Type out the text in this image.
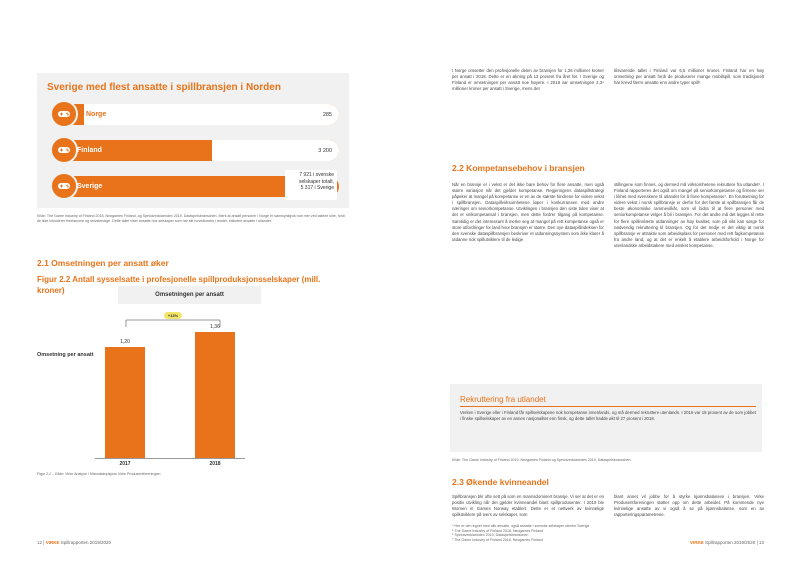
Sverige med flest ansatte i spillbransjen i Norden
Norge	285
Finland	3 200
Sverige
7 921 i svenske
selskaper totalt,
5 317 i Sverige
Kilde: The Game Industry of Finland 2018, Neogames Finland, og Spelutvecklarindex 2019, Dataspelsbranschen. Merk at ansatt personer i Norge er sannsynligvis noe mer ved tallene sine, fordi de ikke inkluderer freelancere og selvstendige. Dette tallet viser ansatte hos selskaper som har sitt hovedkontor i landet, inkludert ansatte i utlandet.
2.1 Omsetningen per ansatt øker
Figur 2.2 Antall sysselsatte i profesjonelle spillproduksjonsselskaper (mill. kroner)
Omsetningen per ansatt
+13%
Omsetning per ansatt
1,20
2017
1,36
2018
Figur 2.2 – Kilde: Virke Analyse / Manodskripsjons Virke Produsentforeningen.
12 | VIRKE Spillrapporten 2019/2020
I Norge omsetter den profesjonelle delen av bransjen for 1,36 millioner kroner per ansatt i 2018. Dette er en økning på 13 prosent fra året før. I Sverige og Finland er omsetningen per ansatt noe høyere. I 2018 var omsetningen 2,3⁴ millioner kroner per ansatt i Sverige, mens det
tilsvarende tallet i Finland var 6,5 millioner kroner. Finland har en høy omsetning per ansatt fordi de produserer mange mobilspill, som tradisjonelt har krevd færre ansatte enn andre typer spill⁵.
2.2 Kompetansebehov i bransjen
Når en bransje er i vekst er det ikke bare behov for flere ansatte, men også større variasjon når det gjelder kompetanse. Regjeringens dataspillstrategi påpeker at mangel på kompetanse er en av de største hindrene for videre vekst i spillbransjen. Dataspillvirksomhetene løper i konkurransen med andre næringer om seniorkompetanse. Utviklingen i bransjen den siste tiden viser at det er velkompetansal i bransjen, men dette fordrer tilgang på kompetanse. Samtidig er det interessant å merke seg at mangel på rett kompetanse også er store utfordringer for land hvor bransjen er større. Den nye dataspillindeksen for den svenske dataspillbransjen beskriver et utdanningssystem som ikke klarer å utdanne nok spillutviklere til de ledige
stillingene som finnes, og dermed må virksomhetene rekruttere fra utlandet⁶. I Finland rapporteres det også om mangel på seniorkompetanse og firmene ser i likhet med svenskene til utlandet for å finne kompetanse⁷. En forutsetning for videre vekst i norsk spillbransje er derfor for det første at spillbransjen får de beste økonomiske rammevilkår, som vil bidra til at flere personer med seniorkompetanse velger å bli i bransjen. For det andre må det legges til rette for flere spillinnlærte utdanninger av høy kvalitet, som på sikt kan sørge for nødvendig rekruttering til bransjen. Og for det tredje er det viktig at norsk spillbransje er attraktiv som arbeidsplass for personer med rett fagkompetanse fra andre land, og at det er enkelt å etablere arbeidsforhold i Norge for utenlandske arbeidstakere med ønsket kompetanse.
Rekruttering fra utlandet
Verken i Sverige eller i Finland får spillselskapene nok kompetanse innenlands, og må dermed rekruttere utenlands. I 2016 var 18 prosent av de som jobbet i finske spillselskaper av en annen nasjonalitet enn finsk, og dette tallet hadde økt til 27 prosent i 2018.
Kilde: The Game Industry of Finland 2019, Neogames Finland og Spelutvecklarindex 2019, Dataspelsbranschen.
2.3 Økende kvinneandel
Spillbransjen blir ofte sett på som en mannsdominert bransje. Vi ser at det er en positiv utvikling når det gjelder kvinneandel blant spillprodusenter. I 2019 ble Women in Games Norway etablert. Dette er et nettverk av kvinnelige spillutviklere på tvers av selskaper, som
blant annet vil jobbe for å styrke kjønnsbalansen i bransjen. Virke Produsentforeningen støtter opp om dette arbeidet. På kommende nye kvinnelige ansatte av vi også å se på kjønnsbalanse, som en av rapporteringsparametrene.
⁴ Her er det regnet med alle ansatte, også ansatte i svenske selskaper utenfor Sverige
⁵ The Game Industry of Finland 2018, Neogames Finland
⁶ Spelutvecklarindex 2019, Dataspelsbranschen
⁷ The Game Industry of Finland 2018, Neogames Finland
VIRKE Spillrapporten 2019/2020 | 13
